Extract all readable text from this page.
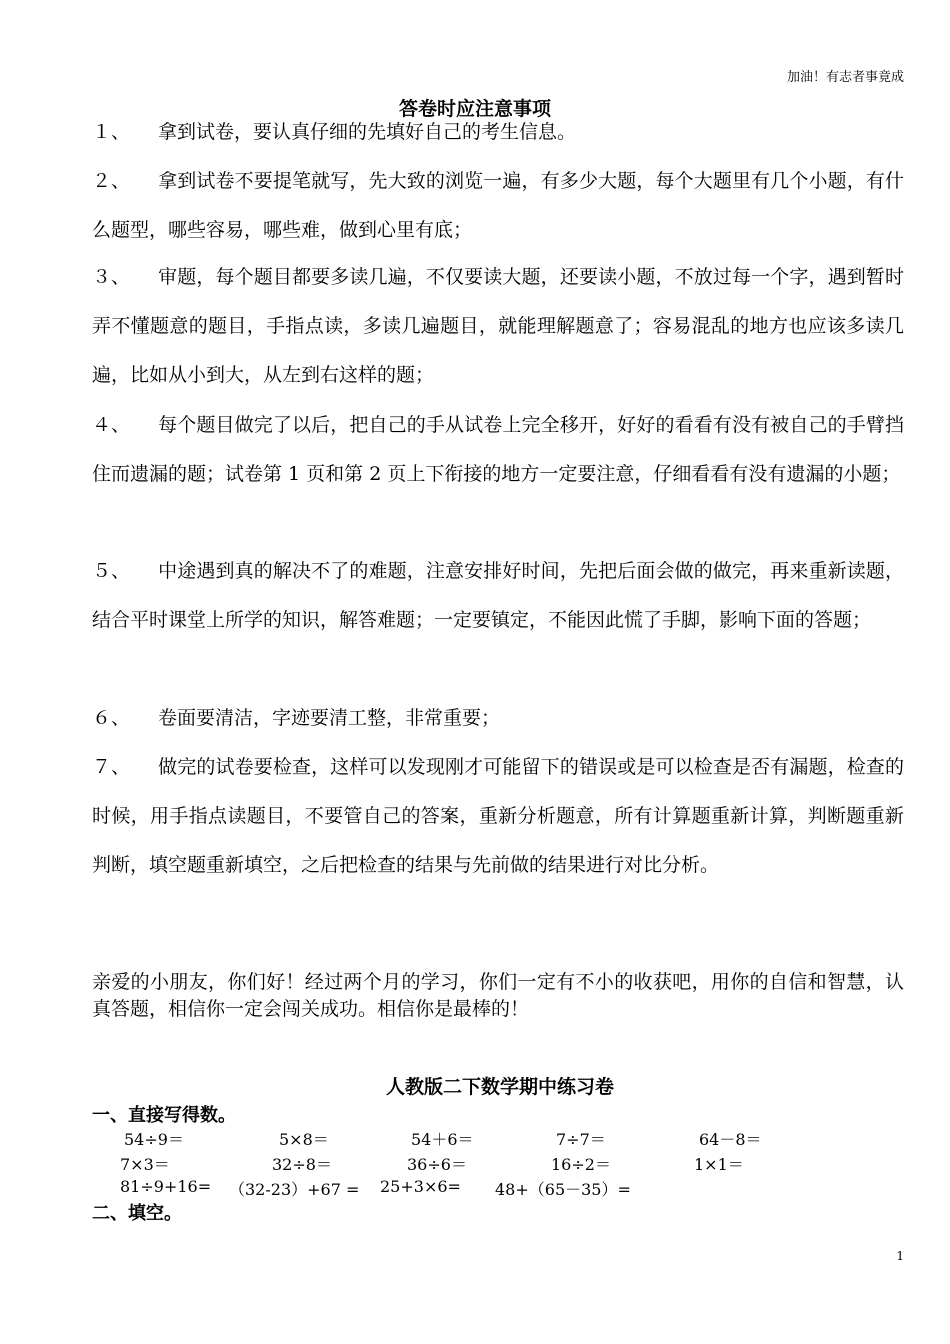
加油！有志者事竟成
答卷时应注意事项
１、 拿到试卷，要认真仔细的先填好自己的考生信息。
２、 拿到试卷不要提笔就写，先大致的浏览一遍，有多少大题，每个大题里有几个小题，有什么题型，哪些容易，哪些难，做到心里有底；
３、 审题，每个题目都要多读几遍，不仅要读大题，还要读小题，不放过每一个字，遇到暂时弄不懂题意的题目，手指点读，多读几遍题目，就能理解题意了；容易混乱的地方也应该多读几遍，比如从小到大，从左到右这样的题；
４、 每个题目做完了以后，把自己的手从试卷上完全移开，好好的看看有没有被自己的手臂挡住而遗漏的题；试卷第 1 页和第 2 页上下衔接的地方一定要注意，仔细看看有没有遗漏的小题；
５、 中途遇到真的解决不了的难题，注意安排好时间，先把后面会做的做完，再来重新读题，结合平时课堂上所学的知识，解答难题；一定要镇定，不能因此慌了手脚，影响下面的答题；
６、 卷面要清洁，字迹要清工整，非常重要；
７、 做完的试卷要检查，这样可以发现刚才可能留下的错误或是可以检查是否有漏题，检查的时候，用手指点读题目，不要管自己的答案，重新分析题意，所有计算题重新计算，判断题重新判断，填空题重新填空，之后把检查的结果与先前做的结果进行对比分析。
亲爱的小朋友，你们好！经过两个月的学习，你们一定有不小的收获吧，用你的自信和智慧，认真答题，相信你一定会闯关成功。相信你是最棒的！
人教版二下数学期中练习卷
一、直接写得数。
54÷9＝	5×8＝	54＋6＝	7÷7＝	64－8＝
7×3＝	32÷8＝	36÷6＝	16÷2＝	1×1＝
81÷9+16= （32-23）+67 = 25+3×6= 48+（65－35）=
二、填空。
1
